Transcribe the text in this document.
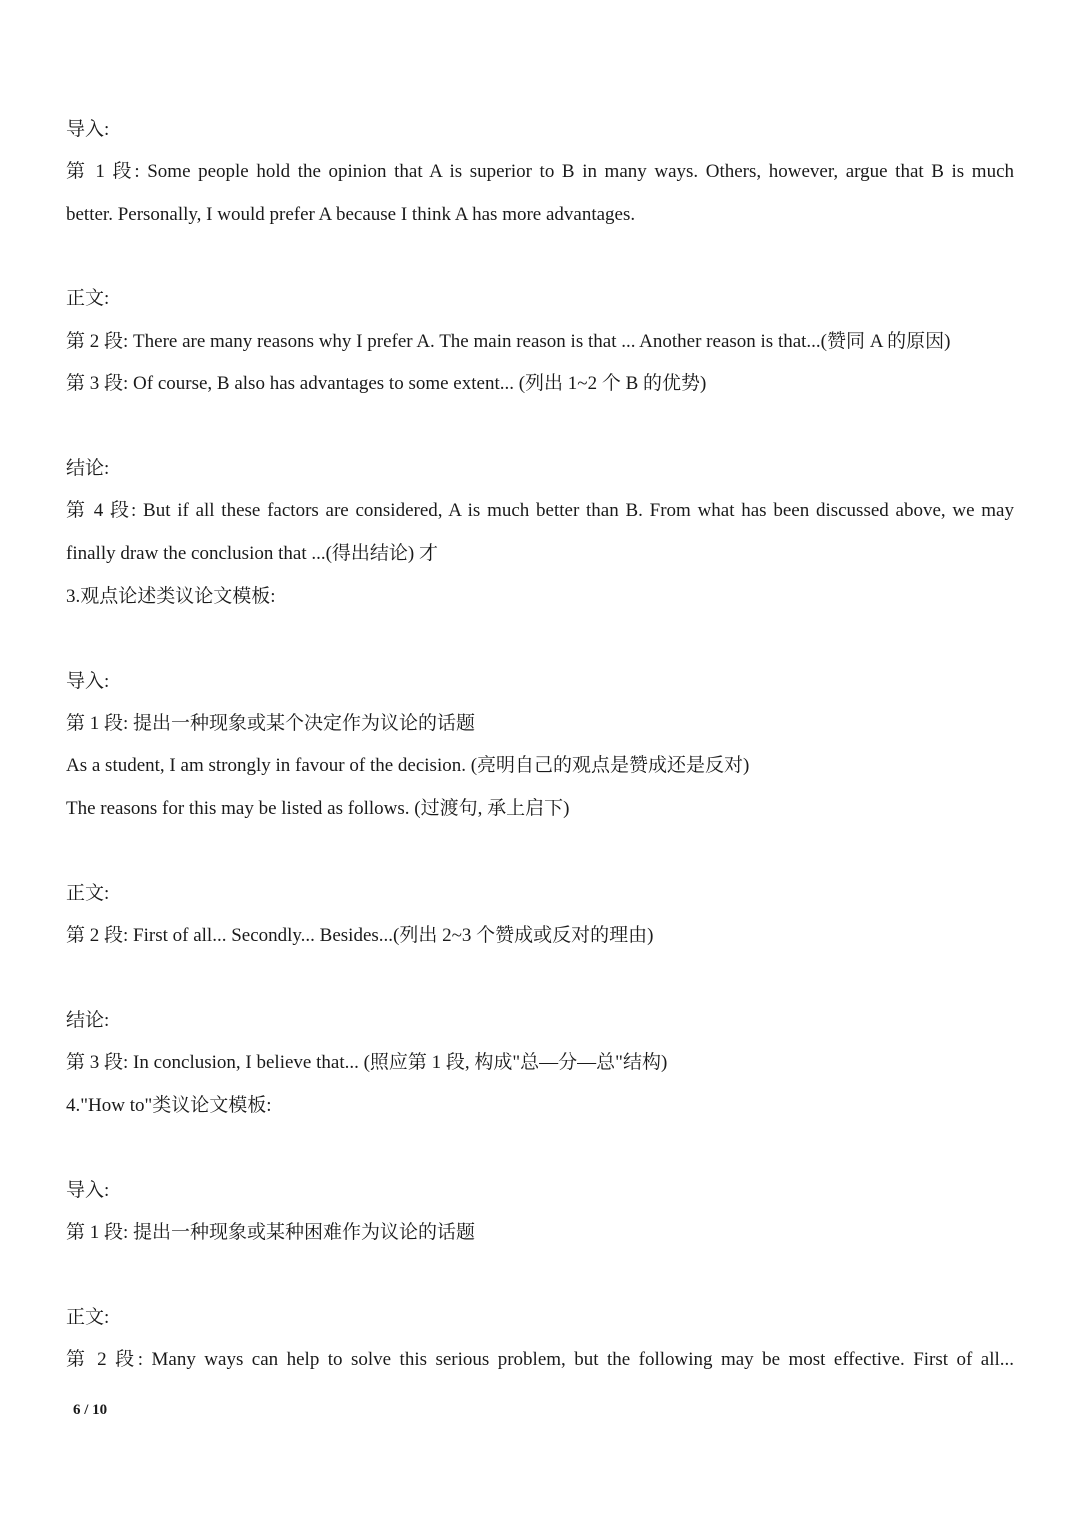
导入:
第 1 段: Some people hold the opinion that A is superior to B in many ways. Others, however, argue that B is much
better. Personally, I would prefer A because I think A has more advantages.
正文:
第 2 段: There are many reasons why I prefer A. The main reason is that ... Another reason is that...(赞同 A 的原因)
第 3 段: Of course, B also has advantages to some extent... (列出 1~2 个 B 的优势)
结论:
第 4 段: But if all these factors are considered, A is much better than B. From what has been discussed above, we may
finally draw the conclusion that ...(得出结论) 才
3.观点论述类议论文模板:
导入:
第 1 段: 提出一种现象或某个决定作为议论的话题
As a student, I am strongly in favour of the decision. (亮明自己的观点是赞成还是反对)
The reasons for this may be listed as follows. (过渡句, 承上启下)
正文:
第 2 段: First of all... Secondly... Besides...(列出 2~3 个赞成或反对的理由)
结论:
第 3 段: In conclusion, I believe that... (照应第 1 段, 构成"总—分—总"结构)
4."How to"类议论文模板:
导入:
第 1 段: 提出一种现象或某种困难作为议论的话题
正文:
第 2 段: Many ways can help to solve this serious problem, but the following may be most effective. First of all...
6 / 10
